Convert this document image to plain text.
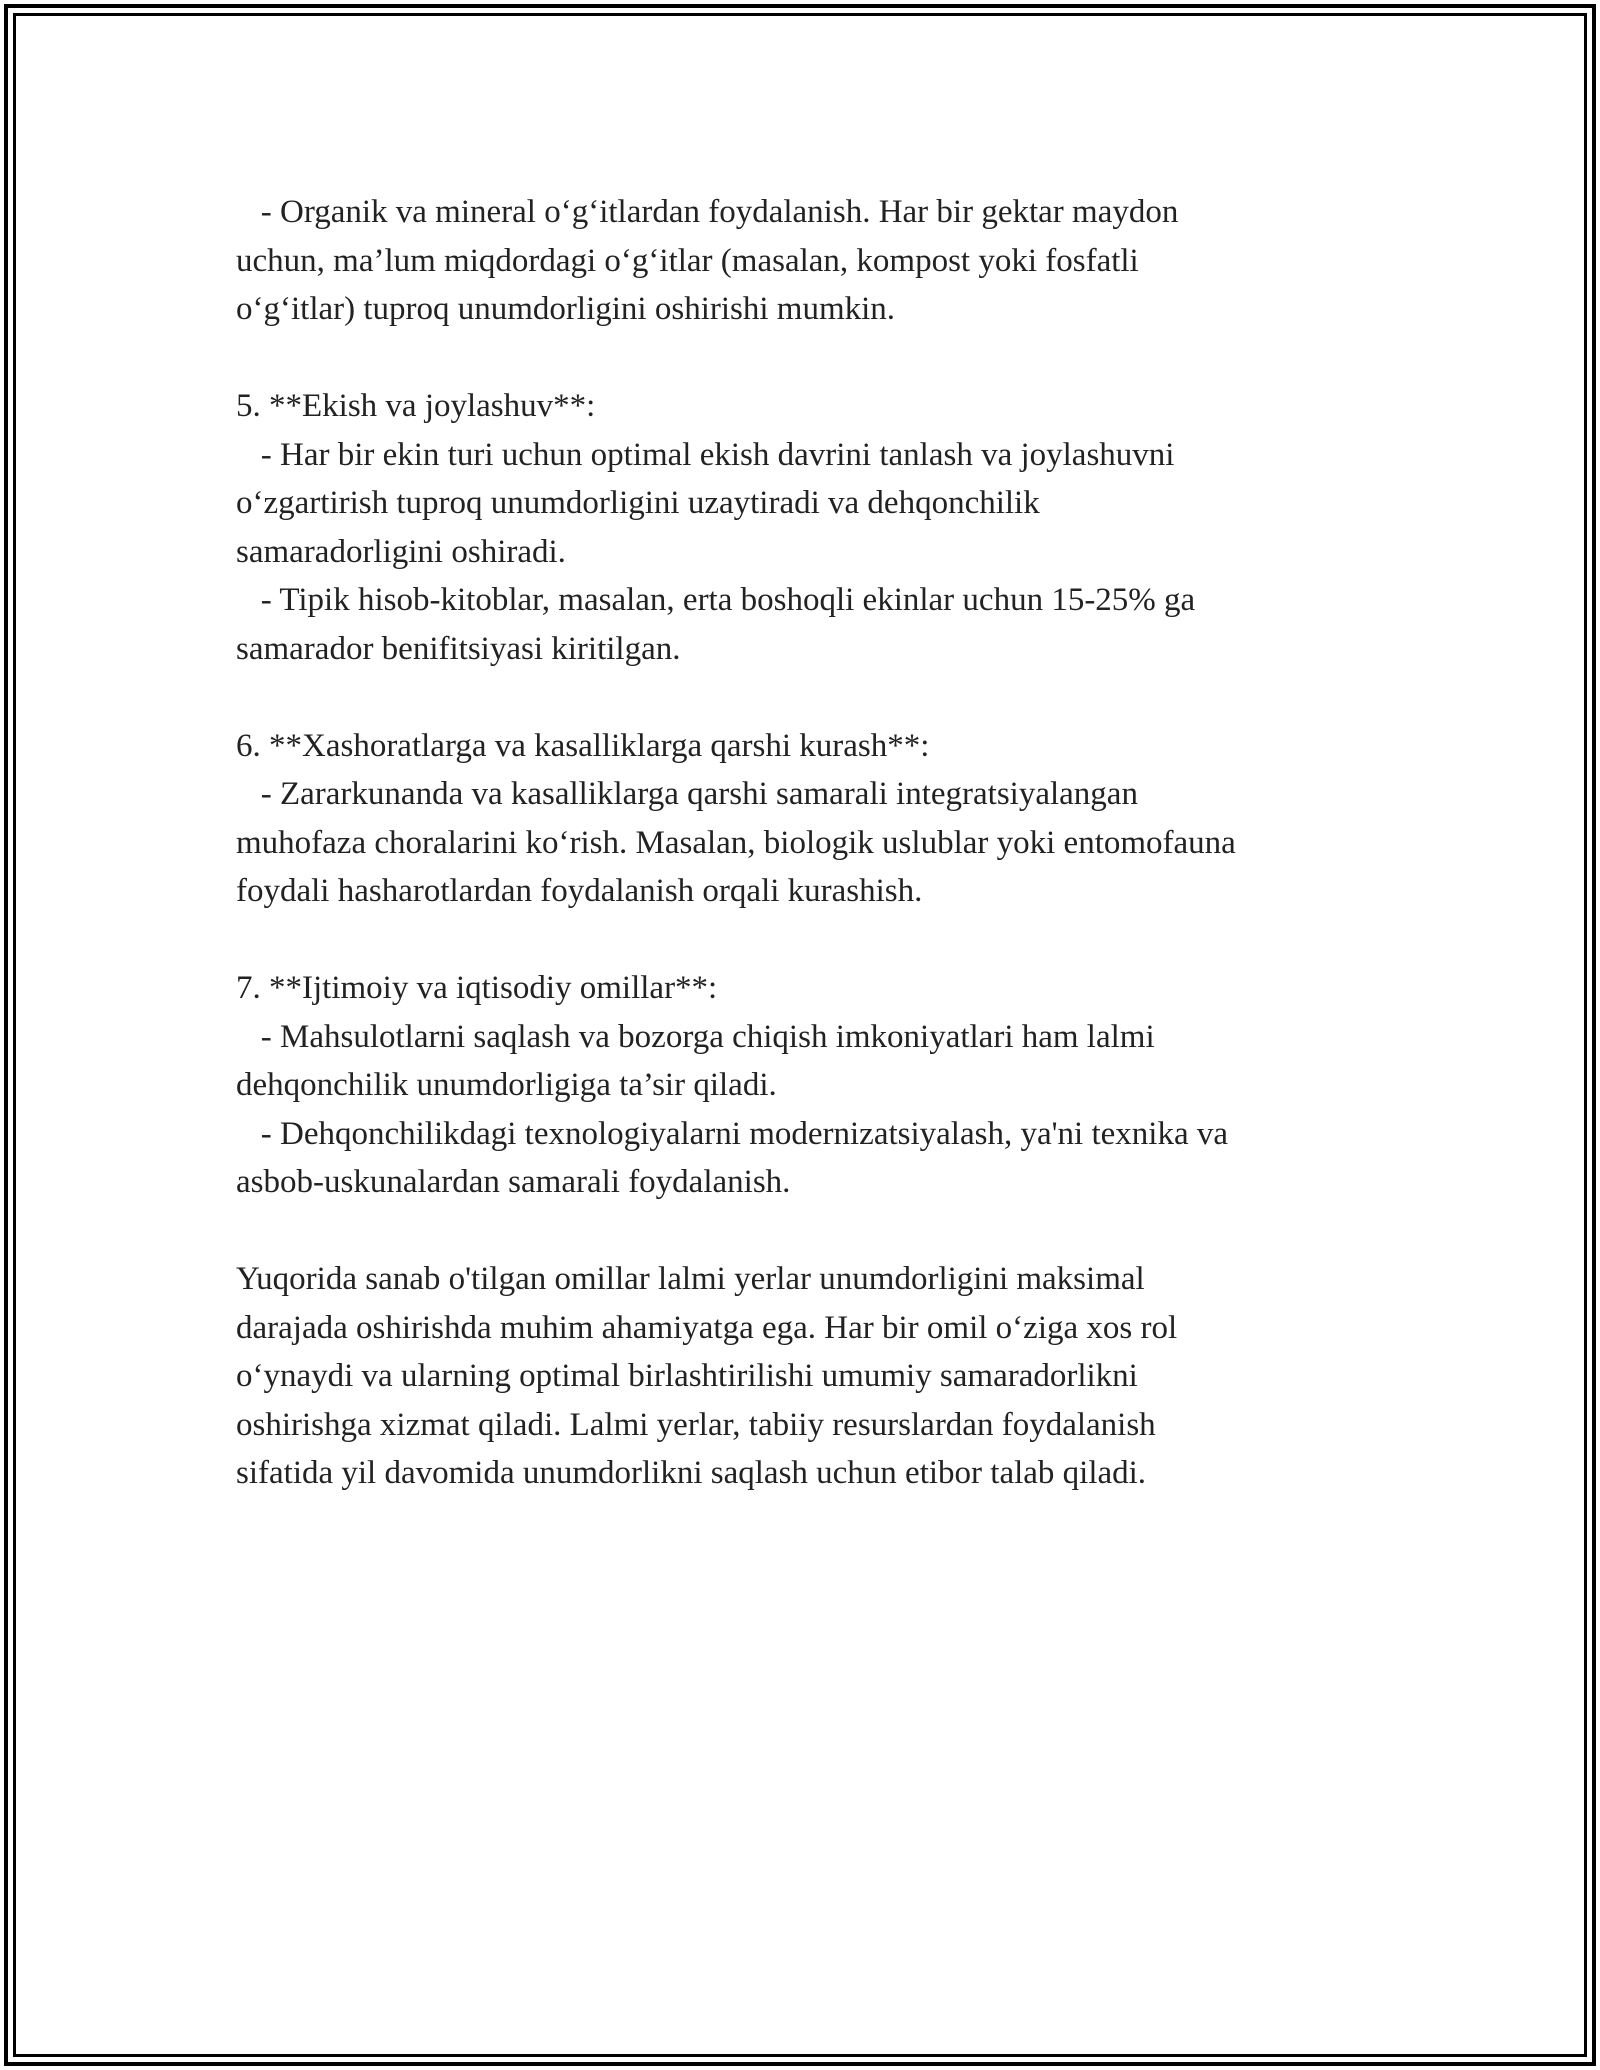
- Organik va mineral o‘g‘itlardan foydalanish. Har bir gektar maydon

uchun, ma’lum miqdordagi o‘g‘itlar (masalan, kompost yoki fosfatli

o‘g‘itlar) tuproq unumdorligini oshirishi mumkin.

5. **Ekish va joylashuv**:

- Har bir ekin turi uchun optimal ekish davrini tanlash va joylashuvni

o‘zgartirish tuproq unumdorligini uzaytiradi va dehqonchilik

samaradorligini oshiradi.

- Tipik hisob-kitoblar, masalan, erta boshoqli ekinlar uchun 15-25% ga

samarador benifitsiyasi kiritilgan.

6. **Xashoratlarga va kasalliklarga qarshi kurash**:

- Zararkunanda va kasalliklarga qarshi samarali integratsiyalangan

muhofaza choralarini ko‘rish. Masalan, biologik uslublar yoki entomofauna

foydali hasharotlardan foydalanish orqali kurashish.

7. **Ijtimoiy va iqtisodiy omillar**:

- Mahsulotlarni saqlash va bozorga chiqish imkoniyatlari ham lalmi

dehqonchilik unumdorligiga ta’sir qiladi.

- Dehqonchilikdagi texnologiyalarni modernizatsiyalash, ya'ni texnika va

asbob-uskunalardan samarali foydalanish.

Yuqorida sanab o'tilgan omillar lalmi yerlar unumdorligini maksimal

darajada oshirishda muhim ahamiyatga ega. Har bir omil o‘ziga xos rol

o‘ynaydi va ularning optimal birlashtirilishi umumiy samaradorlikni

oshirishga xizmat qiladi. Lalmi yerlar, tabiiy resurslardan foydalanish

sifatida yil davomida unumdorlikni saqlash uchun etibor talab qiladi.
